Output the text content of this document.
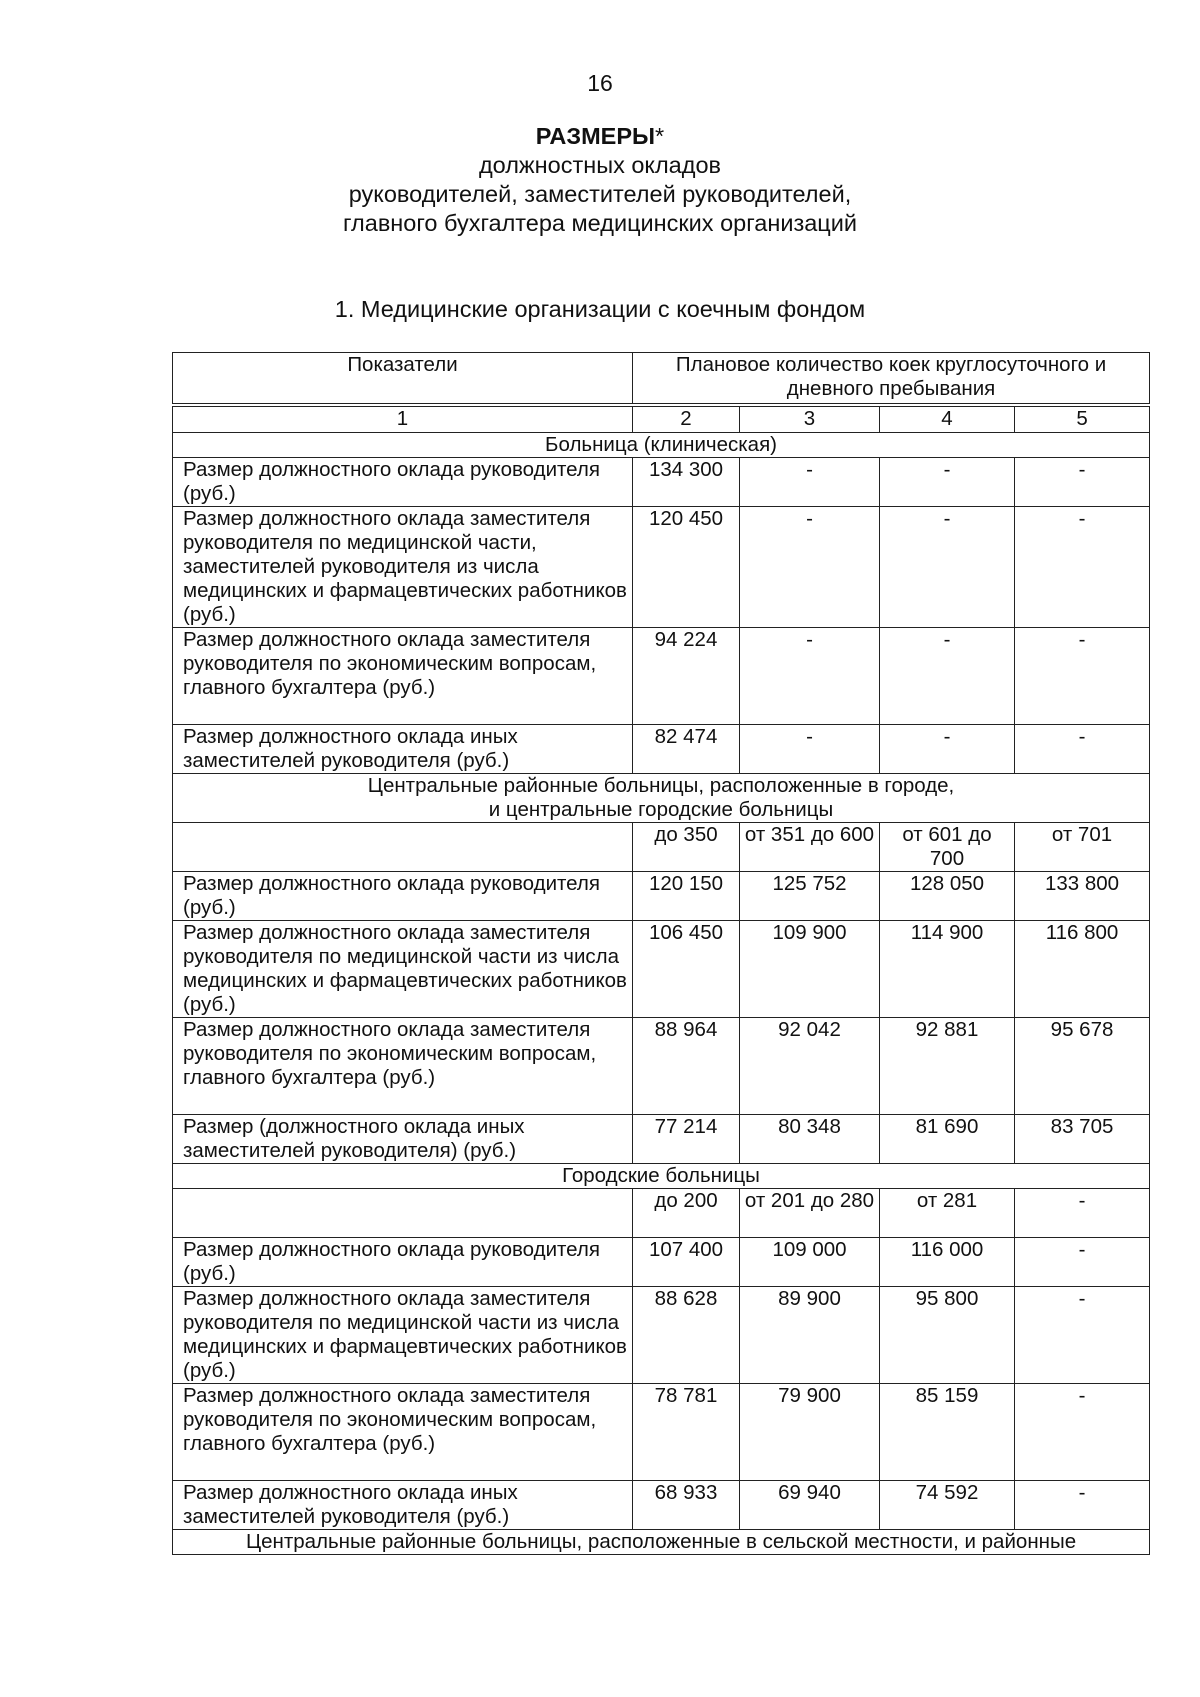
16
РАЗМЕРЫ*
должностных окладов
руководителей, заместителей руководителей,
главного бухгалтера медицинских организаций
1. Медицинские организации с коечным фондом
Показатели	Плановое количество коек круглосуточного и дневного пребывания			

1	2	3	4	5
Больница (клиническая)				
Размер должностного оклада руководителя (руб.)	134 300	-	-	-
Размер должностного оклада заместителя руководителя по медицинской части, заместителей руководителя из числа медицинских и фармацевтических работников (руб.)	120 450	-	-	-
Размер должностного оклада заместителя руководителя по экономическим вопросам, главного бухгалтера (руб.)	94 224	-	-	-
Размер должностного оклада иных заместителей руководителя (руб.)	82 474	-	-	-

Центральные районные больницы, расположенные в городе,
и центральные городские больницы				

	до 350	от 351 до 600	от 601 до 700	от 701
Размер должностного оклада руководителя (руб.)	120 150	125 752	128 050	133 800
Размер должностного оклада заместителя руководителя по медицинской части из числа медицинских и фармацевтических работников (руб.)	106 450	109 900	114 900	116 800
Размер должностного оклада заместителя руководителя по экономическим вопросам, главного бухгалтера (руб.)	88 964	92 042	92 881	95 678
Размер (должностного оклада иных заместителей руководителя) (руб.)	77 214	80 348	81 690	83 705
Городские больницы				
	до 200	от 201 до 280	от 281	-
Размер должностного оклада руководителя (руб.)	107 400	109 000	116 000	-
Размер должностного оклада заместителя руководителя по медицинской части из числа медицинских и фармацевтических работников (руб.)	88 628	89 900	95 800	-
Размер должностного оклада заместителя руководителя по экономическим вопросам, главного бухгалтера (руб.)	78 781	79 900	85 159	-
Размер должностного оклада иных заместителей руководителя (руб.)	68 933	69 940	74 592	-
Центральные районные больницы, расположенные в сельской местности, и районные				
